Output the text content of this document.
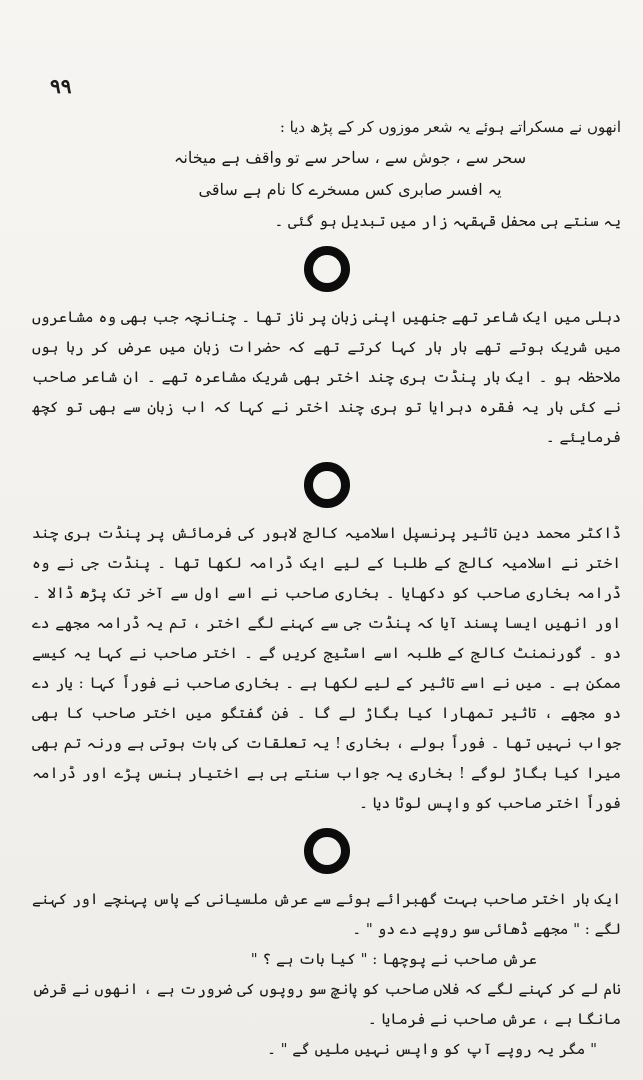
۹۹

انھوں نے مسکراتے ہوئے یہ شعر موزوں کر کے پڑھ دیا :

سحر سے ، جوش سے ، ساحر سے تو واقف ہے میخانہ

یہ افسر صابری کس مسخرے کا نام ہے ساقی

یہ سنتے ہی محفل قہقہہ زار میں تبدیل ہو گئی ۔

دہلی میں ایک شاعر تھے جنھیں اپنی زبان پر ناز تھا ۔ چنانچہ جب بھی وہ مشاعروں میں شریک ہوتے تھے بار بار کہا کرتے تھے کہ حضرات زبان میں عرض کر رہا ہوں ملاحظہ ہو ۔ ایک بار پنڈت ہری چند اختر بھی شریک مشاعرہ تھے ۔ ان شاعر صاحب نے کئی بار یہ فقرہ دہرایا تو ہری چند اختر نے کہا کہ اب زبان سے بھی تو کچھ فرمایئے ۔

ڈاکٹر محمد دین تاثیر پرنسپل اسلامیہ کالج لاہور کی فرمائش پر پنڈت ہری چند اختر نے اسلامیہ کالج کے طلبا کے لیے ایک ڈرامہ لکھا تھا ۔ پنڈت جی نے وہ ڈرامہ بخاری صاحب کو دکھایا ۔ بخاری صاحب نے اسے اول سے آخر تک پڑھ ڈالا ۔ اور انھیں ایسا پسند آیا کہ پنڈت جی سے کہنے لگے اختر ، تم یہ ڈرامہ مجھے دے دو ۔ گورنمنٹ کالج کے طلبہ اسے اسٹیج کریں گے ۔ اختر صاحب نے کہا یہ کیسے ممکن ہے ۔ میں نے اسے تاثیر کے لیے لکھا ہے ۔ بخاری صاحب نے فوراً کہا : یار دے دو مجھے ، تاثیر تمھارا کیا بگاڑ لے گا ۔ فن گفتگو میں اختر صاحب کا بھی جواب نہیں تھا ۔ فوراً بولے ، بخاری ! یہ تعلقات کی بات ہوتی ہے ورنہ تم بھی میرا کیا بگاڑ لوگے ! بخاری یہ جواب سنتے ہی بے اختیار ہنس پڑے اور ڈرامہ فوراً اختر صاحب کو واپس لوٹا دیا ۔

ایک بار اختر صاحب بہت گھبرائے ہوئے سے عرش ملسیانی کے پاس پہنچے اور کہنے لگے : " مجھے ڈھائی سو روپے دے دو " ۔

عرش صاحب نے پوچھا : " کیا بات ہے ؟ "

نام لے کر کہنے لگے کہ فلاں صاحب کو پانچ سو روپوں کی ضرورت ہے ، انھوں نے قرض مانگا ہے ، عرش صاحب نے فرمایا ۔

" مگر یہ روپے آپ کو واپس نہیں ملیں گے " ۔
